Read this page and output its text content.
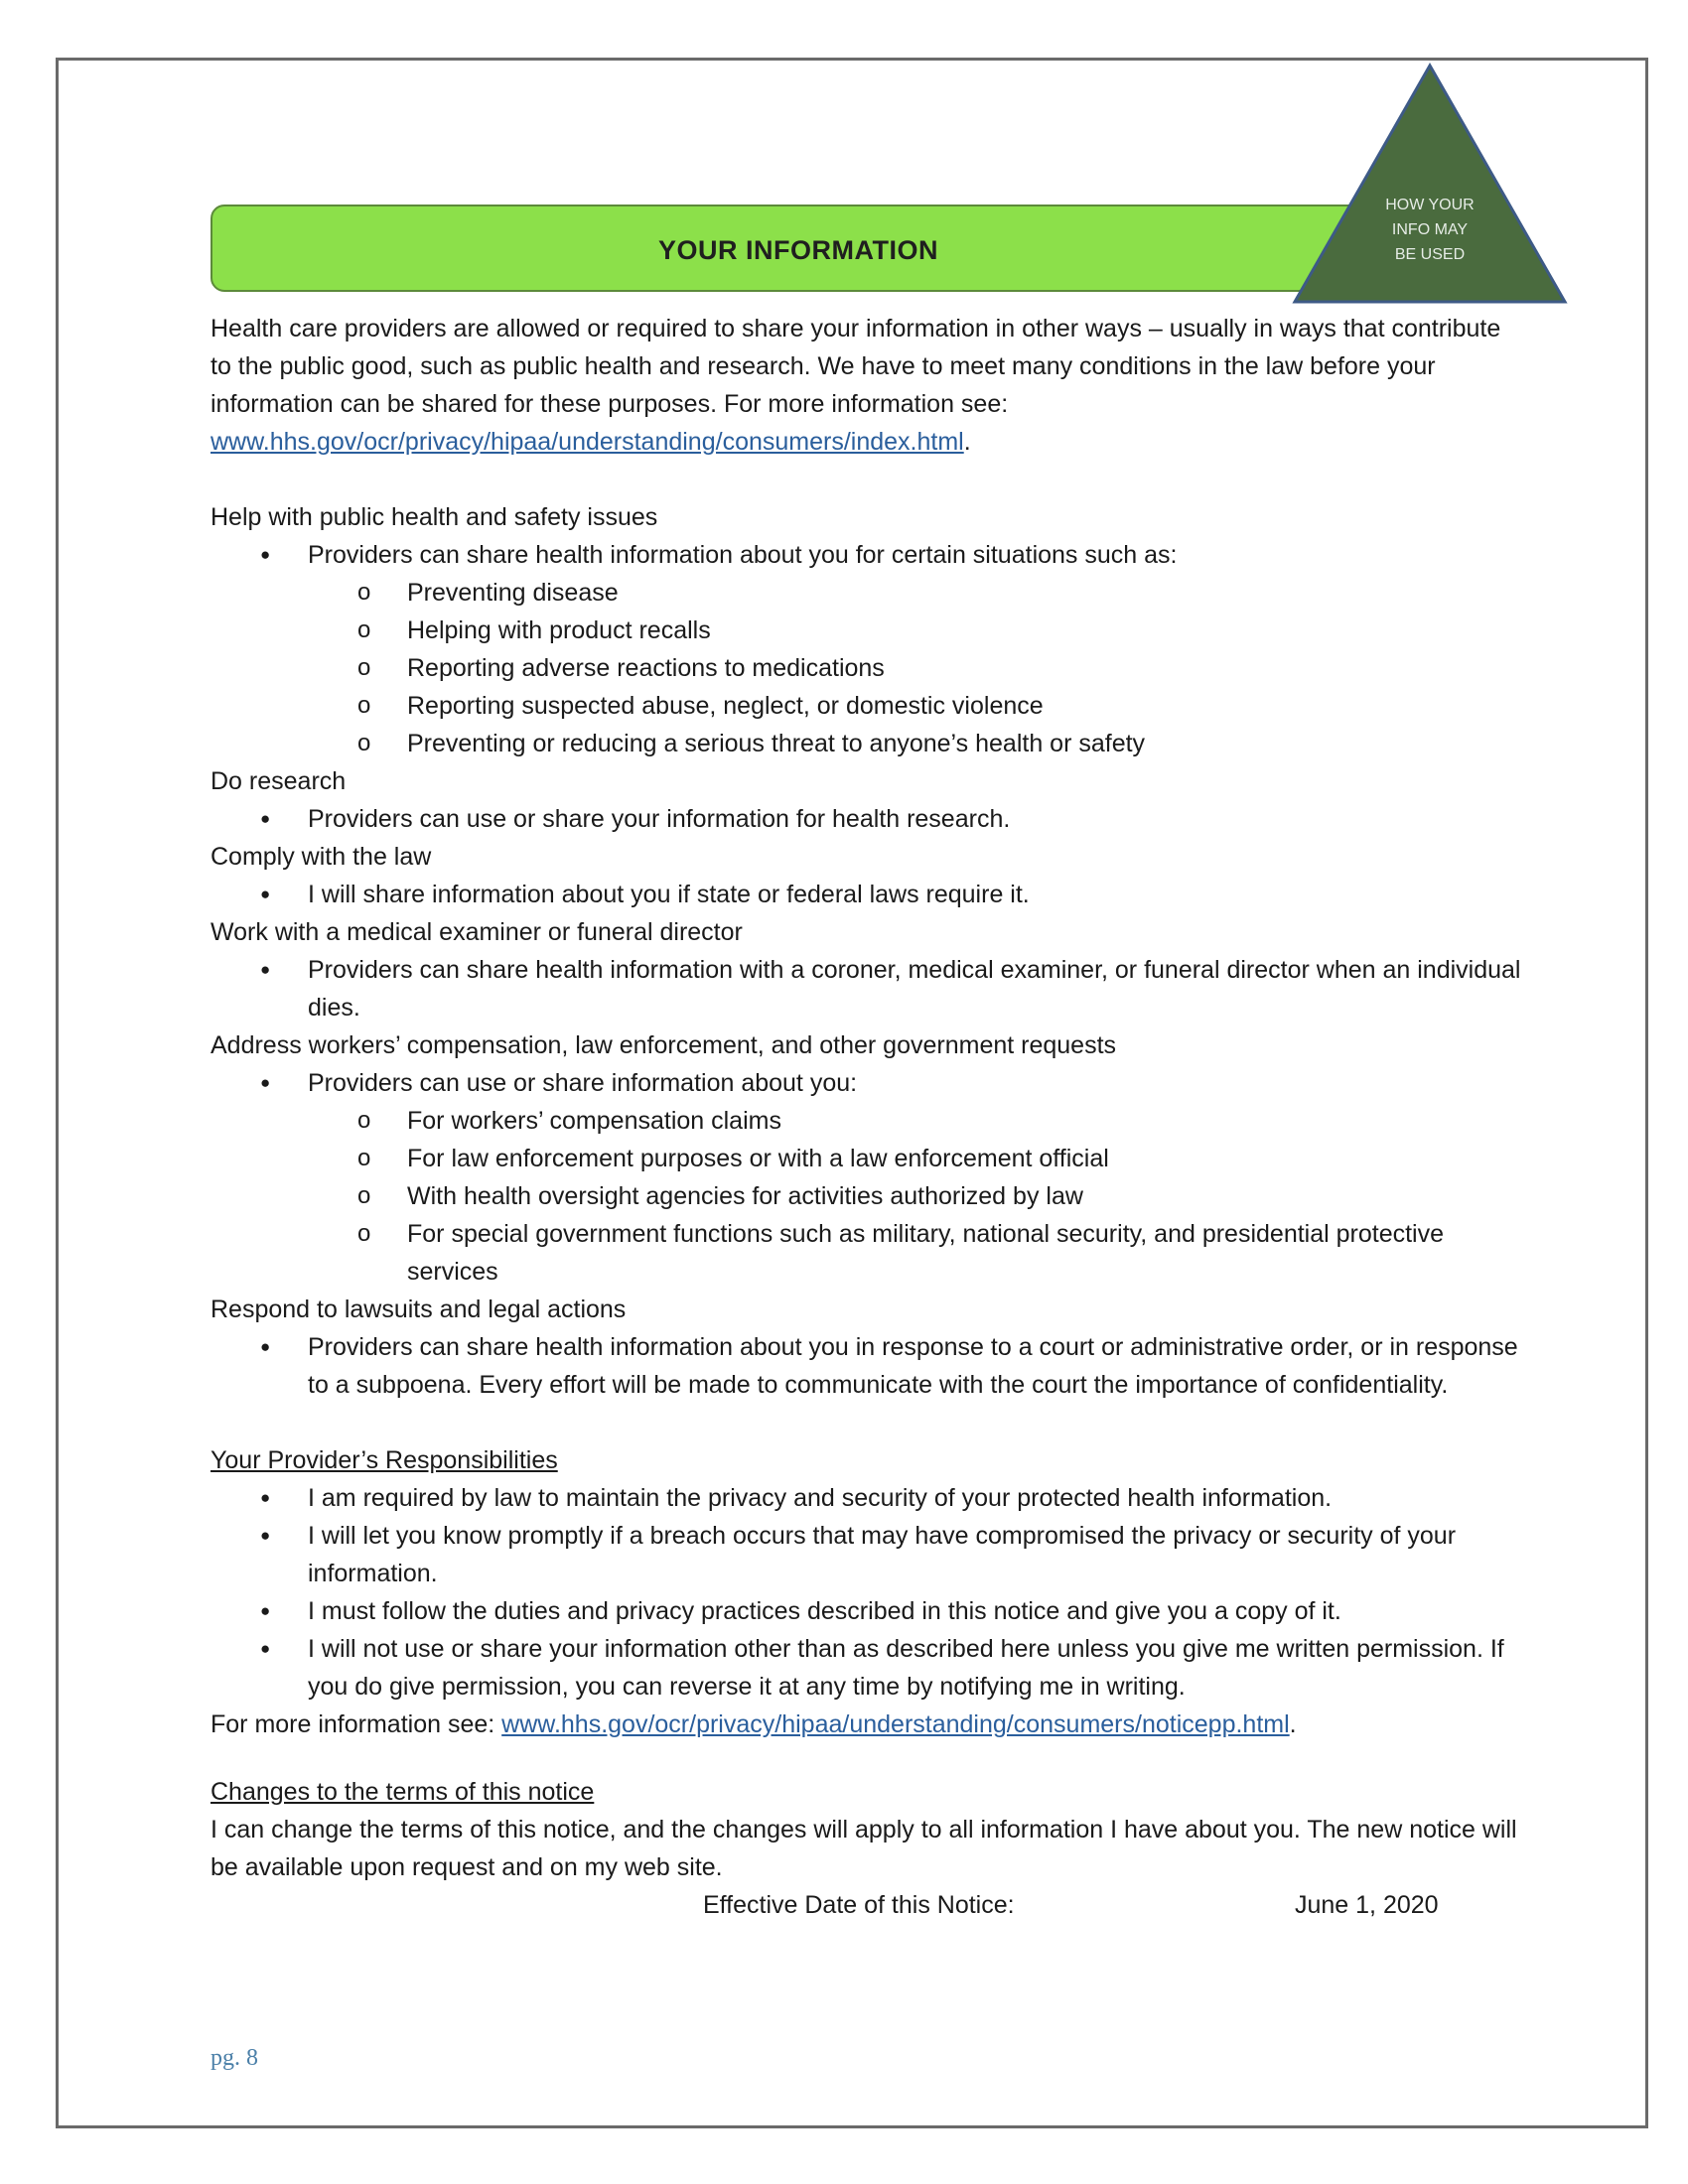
YOUR INFORMATION
HOW YOUR
INFO MAY
BE USED

Health care providers are allowed or required to share your information in other ways – usually in ways that contribute to the public good, such as public health and research. We have to meet many conditions in the law before your information can be shared for these purposes. For more information see: www.hhs.gov/ocr/privacy/hipaa/understanding/consumers/index.html.

Help with public health and safety issues

● Providers can share health information about you for certain situations such as:
o Preventing disease
o Helping with product recalls
o Reporting adverse reactions to medications
o Reporting suspected abuse, neglect, or domestic violence
o Preventing or reducing a serious threat to anyone’s health or safety

Do research

● Providers can use or share your information for health research.

Comply with the law

● I will share information about you if state or federal laws require it.

Work with a medical examiner or funeral director

● Providers can share health information with a coroner, medical examiner, or funeral director when an individual dies.

Address workers’ compensation, law enforcement, and other government requests

● Providers can use or share information about you:
o For workers’ compensation claims
o For law enforcement purposes or with a law enforcement official
o With health oversight agencies for activities authorized by law
o For special government functions such as military, national security, and presidential protective services

Respond to lawsuits and legal actions

● Providers can share health information about you in response to a court or administrative order, or in response to a subpoena. Every effort will be made to communicate with the court the importance of confidentiality.

Your Provider’s Responsibilities

● I am required by law to maintain the privacy and security of your protected health information.
● I will let you know promptly if a breach occurs that may have compromised the privacy or security of your information.
● I must follow the duties and privacy practices described in this notice and give you a copy of it.
● I will not use or share your information other than as described here unless you give me written permission. If you do give permission, you can reverse it at any time by notifying me in writing.

For more information see: www.hhs.gov/ocr/privacy/hipaa/understanding/consumers/noticepp.html.

Changes to the terms of this notice

I can change the terms of this notice, and the changes will apply to all information I have about you. The new notice will be available upon request and on my web site.

Effective Date of this Notice:	June 1, 2020
pg. 8
